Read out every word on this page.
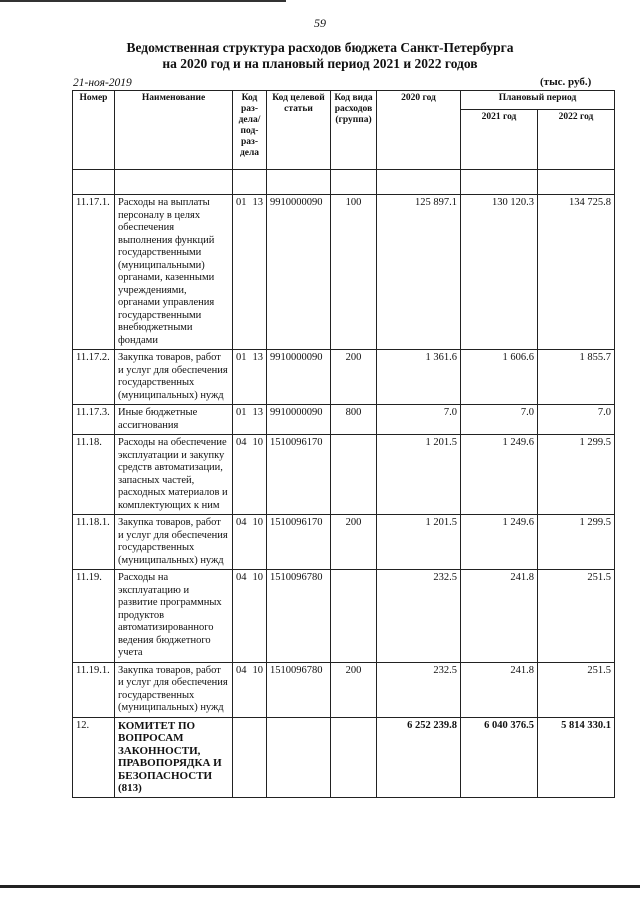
59
Ведомственная структура расходов бюджета Санкт-Петербурга
на 2020 год и на плановый период 2021 и 2022 годов
21-ноя-2019	(тыс. руб.)
Номер	Наименование	Код раз-дела/ под-раз-дела		Код целевой статьи	Код вида расходов (группа)	2020 год	Плановый период	
							2021 год	2022 год

11.17.1.	Расходы на выплаты персоналу в целях обеспечения выполнения функций государственными (муниципальными) органами, казенными учреждениями, органами управления государственными внебюджетными фондами	01	13	9910000090	100	125 897.1	130 120.3	134 725.8
11.17.2.	Закупка товаров, работ и услуг для обеспечения государственных (муниципальных) нужд	01	13	9910000090	200	1 361.6	1 606.6	1 855.7
11.17.3.	Иные бюджетные ассигнования	01	13	9910000090	800	7.0	7.0	7.0
11.18.	Расходы на обеспечение эксплуатации и закупку средств автоматизации, запасных частей, расходных материалов и комплектующих к ним	04	10	1510096170		1 201.5	1 249.6	1 299.5
11.18.1.	Закупка товаров, работ и услуг для обеспечения государственных (муниципальных) нужд	04	10	1510096170	200	1 201.5	1 249.6	1 299.5
11.19.	Расходы на эксплуатацию и развитие программных продуктов автоматизированного ведения бюджетного учета	04	10	1510096780		232.5	241.8	251.5
11.19.1.	Закупка товаров, работ и услуг для обеспечения государственных (муниципальных) нужд	04	10	1510096780	200	232.5	241.8	251.5
12.	КОМИТЕТ ПО ВОПРОСАМ ЗАКОННОСТИ, ПРАВОПОРЯДКА И БЕЗОПАСНОСТИ (813)					6 252 239.8	6 040 376.5	5 814 330.1
